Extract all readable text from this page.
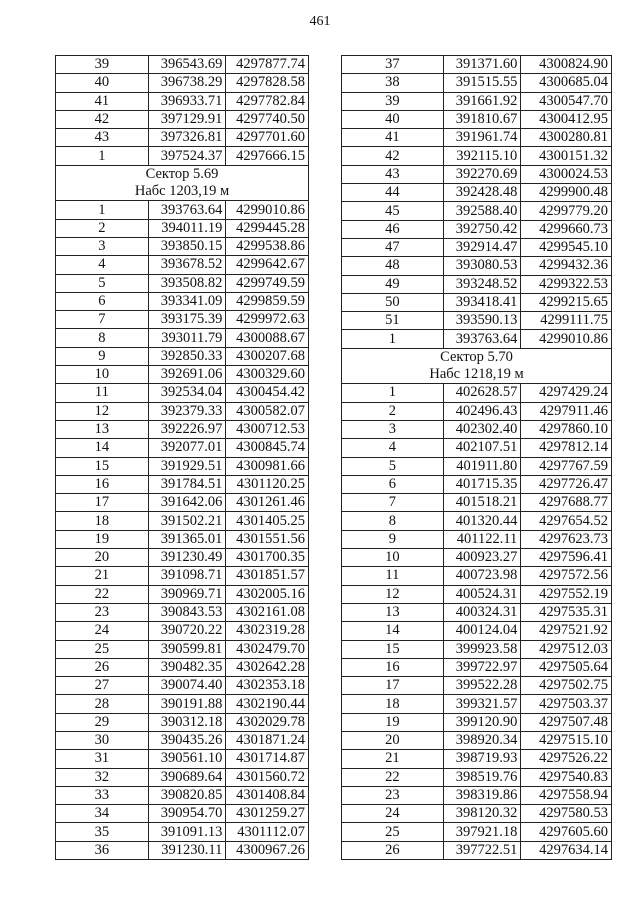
461
39	396543.69	4297877.74
40	396738.29	4297828.58
41	396933.71	4297782.84
42	397129.91	4297740.50
43	397326.81	4297701.60
1	397524.37	4297666.15
Сектор 5.69		
Набс 1203,19 м		
1	393763.64	4299010.86
2	394011.19	4299445.28
3	393850.15	4299538.86
4	393678.52	4299642.67
5	393508.82	4299749.59
6	393341.09	4299859.59
7	393175.39	4299972.63
8	393011.79	4300088.67
9	392850.33	4300207.68
10	392691.06	4300329.60
11	392534.04	4300454.42
12	392379.33	4300582.07
13	392226.97	4300712.53
14	392077.01	4300845.74
15	391929.51	4300981.66
16	391784.51	4301120.25
17	391642.06	4301261.46
18	391502.21	4301405.25
19	391365.01	4301551.56
20	391230.49	4301700.35
21	391098.71	4301851.57
22	390969.71	4302005.16
23	390843.53	4302161.08
24	390720.22	4302319.28
25	390599.81	4302479.70
26	390482.35	4302642.28
27	390074.40	4302353.18
28	390191.88	4302190.44
29	390312.18	4302029.78
30	390435.26	4301871.24
31	390561.10	4301714.87
32	390689.64	4301560.72
33	390820.85	4301408.84
34	390954.70	4301259.27
35	391091.13	4301112.07
36	391230.11	4300967.26
37	391371.60	4300824.90
38	391515.55	4300685.04
39	391661.92	4300547.70
40	391810.67	4300412.95
41	391961.74	4300280.81
42	392115.10	4300151.32
43	392270.69	4300024.53
44	392428.48	4299900.48
45	392588.40	4299779.20
46	392750.42	4299660.73
47	392914.47	4299545.10
48	393080.53	4299432.36
49	393248.52	4299322.53
50	393418.41	4299215.65
51	393590.13	4299111.75
1	393763.64	4299010.86
Сектор 5.70		
Набс 1218,19 м		
1	402628.57	4297429.24
2	402496.43	4297911.46
3	402302.40	4297860.10
4	402107.51	4297812.14
5	401911.80	4297767.59
6	401715.35	4297726.47
7	401518.21	4297688.77
8	401320.44	4297654.52
9	401122.11	4297623.73
10	400923.27	4297596.41
11	400723.98	4297572.56
12	400524.31	4297552.19
13	400324.31	4297535.31
14	400124.04	4297521.92
15	399923.58	4297512.03
16	399722.97	4297505.64
17	399522.28	4297502.75
18	399321.57	4297503.37
19	399120.90	4297507.48
20	398920.34	4297515.10
21	398719.93	4297526.22
22	398519.76	4297540.83
23	398319.86	4297558.94
24	398120.32	4297580.53
25	397921.18	4297605.60
26	397722.51	4297634.14
